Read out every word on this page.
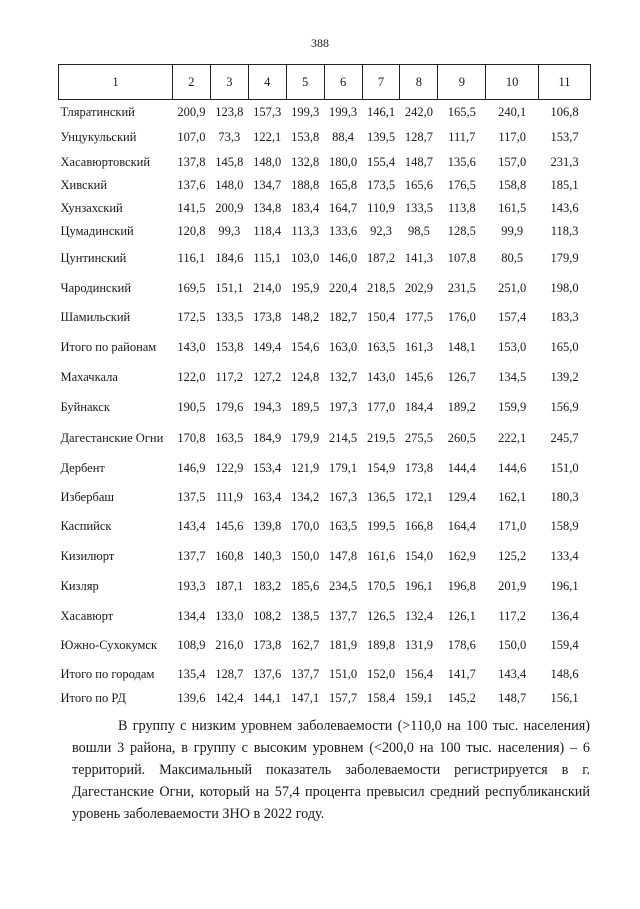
388
1	2	3	4	5	6	7	8	9	10	11
Тляратинский	200,9	123,8	157,3	199,3	199,3	146,1	242,0	165,5	240,1	106,8
Унцукульский	107,0	73,3	122,1	153,8	88,4	139,5	128,7	111,7	117,0	153,7
Хасавюртовский	137,8	145,8	148,0	132,8	180,0	155,4	148,7	135,6	157,0	231,3
Хивский	137,6	148,0	134,7	188,8	165,8	173,5	165,6	176,5	158,8	185,1
Хунзахский	141,5	200,9	134,8	183,4	164,7	110,9	133,5	113,8	161,5	143,6
Цумадинский	120,8	99,3	118,4	113,3	133,6	92,3	98,5	128,5	99,9	118,3
Цунтинский	116,1	184,6	115,1	103,0	146,0	187,2	141,3	107,8	80,5	179,9
Чародинский	169,5	151,1	214,0	195,9	220,4	218,5	202,9	231,5	251,0	198,0
Шамильский	172,5	133,5	173,8	148,2	182,7	150,4	177,5	176,0	157,4	183,3
Итого по районам	143,0	153,8	149,4	154,6	163,0	163,5	161,3	148,1	153,0	165,0
Махачкала	122,0	117,2	127,2	124,8	132,7	143,0	145,6	126,7	134,5	139,2
Буйнакск	190,5	179,6	194,3	189,5	197,3	177,0	184,4	189,2	159,9	156,9
Дагестанские Огни	170,8	163,5	184,9	179,9	214,5	219,5	275,5	260,5	222,1	245,7
Дербент	146,9	122,9	153,4	121,9	179,1	154,9	173,8	144,4	144,6	151,0
Избербаш	137,5	111,9	163,4	134,2	167,3	136,5	172,1	129,4	162,1	180,3
Каспийск	143,4	145,6	139,8	170,0	163,5	199,5	166,8	164,4	171,0	158,9
Кизилюрт	137,7	160,8	140,3	150,0	147,8	161,6	154,0	162,9	125,2	133,4
Кизляр	193,3	187,1	183,2	185,6	234,5	170,5	196,1	196,8	201,9	196,1
Хасавюрт	134,4	133,0	108,2	138,5	137,7	126,5	132,4	126,1	117,2	136,4
Южно-Сухокумск	108,9	216,0	173,8	162,7	181,9	189,8	131,9	178,6	150,0	159,4
Итого по городам	135,4	128,7	137,6	137,7	151,0	152,0	156,4	141,7	143,4	148,6
Итого по РД	139,6	142,4	144,1	147,1	157,7	158,4	159,1	145,2	148,7	156,1

В группу с низким уровнем заболеваемости (>110,0 на 100 тыс. населения) вошли 3 района, в группу с высоким уровнем (<200,0 на 100 тыс. населения) – 6 территорий. Максимальный показатель заболеваемости регистрируется в г. Дагестанские Огни, который на 57,4 процента превысил средний республиканский уровень заболеваемости ЗНО в 2022 году.
